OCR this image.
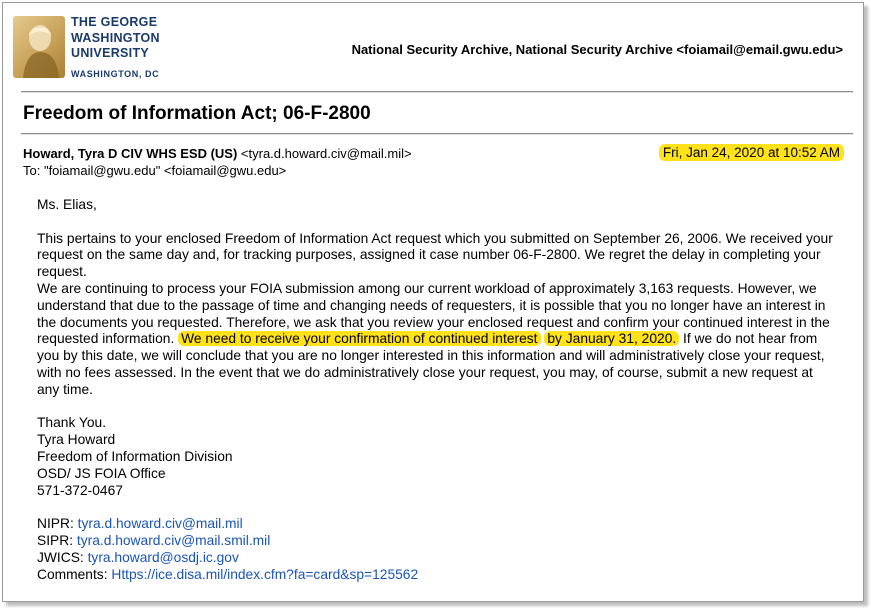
THE GEORGE
WASHINGTON
UNIVERSITY
WASHINGTON, DC
National Security Archive, National Security Archive <foiamail@email.gwu.edu>
Freedom of Information Act; 06-F-2800
Howard, Tyra D CIV WHS ESD (US) <tyra.d.howard.civ@mail.mil>
To: "foiamail@gwu.edu" <foiamail@gwu.edu>
Fri, Jan 24, 2020 at 10:52 AM

Ms. Elias,

This pertains to your enclosed Freedom of Information Act request which you submitted on September 26, 2006. We received your request on the same day and, for tracking purposes, assigned it case number 06-F-2800. We regret the delay in completing your request.

We are continuing to process your FOIA submission among our current workload of approximately 3,163 requests. However, we understand that due to the passage of time and changing needs of requesters, it is possible that you no longer have an interest in the documents you requested. Therefore, we ask that you review your enclosed request and confirm your continued interest in the requested information. We need to receive your confirmation of continued interest by January 31, 2020. If we do not hear from you by this date, we will conclude that you are no longer interested in this information and will administratively close your request, with no fees assessed. In the event that we do administratively close your request, you may, of course, submit a new request at any time.

Thank You.

Tyra Howard

Freedom of Information Division

OSD/ JS FOIA Office

571-372-0467

NIPR: tyra.d.howard.civ@mail.mil

SIPR: tyra.d.howard.civ@mail.smil.mil

JWICS: tyra.howard@osdj.ic.gov

Comments: Https://ice.disa.mil/index.cfm?fa=card&sp=125562
